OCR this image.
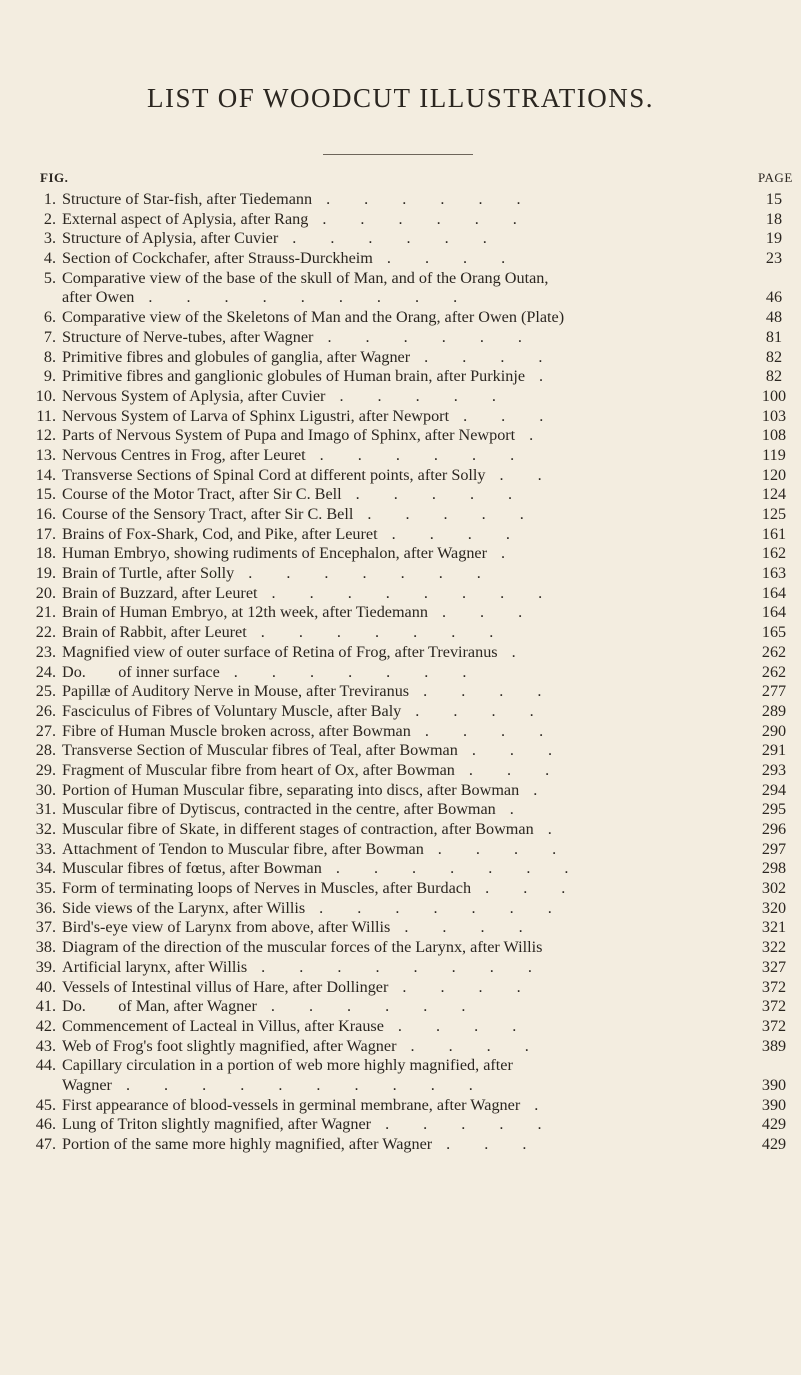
LIST OF WOODCUT ILLUSTRATIONS.
FIG.	PAGE
1. Structure of Star-fish, after Tiedemann . . . . . .	15
2. External aspect of Aplysia, after Rang . . . . . .	18
3. Structure of Aplysia, after Cuvier . . . . . .	19
4. Section of Cockchafer, after Strauss-Durckheim . . . .	23
5. Comparative view of the base of the skull of Man, and of the Orang Outan,
after Owen . . . . . . . . .	46
6. Comparative view of the Skeletons of Man and the Orang, after Owen (Plate)	48
7. Structure of Nerve-tubes, after Wagner . . . . . .	81
8. Primitive fibres and globules of ganglia, after Wagner . . . .	82
9. Primitive fibres and ganglionic globules of Human brain, after Purkinje .	82
10. Nervous System of Aplysia, after Cuvier . . . . .	100
11. Nervous System of Larva of Sphinx Ligustri, after Newport . . .	103
12. Parts of Nervous System of Pupa and Imago of Sphinx, after Newport .	108
13. Nervous Centres in Frog, after Leuret . . . . . .	119
14. Transverse Sections of Spinal Cord at different points, after Solly . .	120
15. Course of the Motor Tract, after Sir C. Bell . . . . .	124
16. Course of the Sensory Tract, after Sir C. Bell . . . . .	125
17. Brains of Fox-Shark, Cod, and Pike, after Leuret . . . .	161
18. Human Embryo, showing rudiments of Encephalon, after Wagner .	162
19. Brain of Turtle, after Solly . . . . . . .	163
20. Brain of Buzzard, after Leuret . . . . . . . .	164
21. Brain of Human Embryo, at 12th week, after Tiedemann . . .	164
22. Brain of Rabbit, after Leuret . . . . . . .	165
23. Magnified view of outer surface of Retina of Frog, after Treviranus .	262
24. Do.        of inner surface . . . . . . .	262
25. Papillæ of Auditory Nerve in Mouse, after Treviranus . . . .	277
26. Fasciculus of Fibres of Voluntary Muscle, after Baly . . . .	289
27. Fibre of Human Muscle broken across, after Bowman . . . .	290
28. Transverse Section of Muscular fibres of Teal, after Bowman . . .	291
29. Fragment of Muscular fibre from heart of Ox, after Bowman . . .	293
30. Portion of Human Muscular fibre, separating into discs, after Bowman .	294
31. Muscular fibre of Dytiscus, contracted in the centre, after Bowman .	295
32. Muscular fibre of Skate, in different stages of contraction, after Bowman .	296
33. Attachment of Tendon to Muscular fibre, after Bowman . . . .	297
34. Muscular fibres of fœtus, after Bowman . . . . . . .	298
35. Form of terminating loops of Nerves in Muscles, after Burdach . . .	302
36. Side views of the Larynx, after Willis . . . . . . .	320
37. Bird's-eye view of Larynx from above, after Willis . . . .	321
38. Diagram of the direction of the muscular forces of the Larynx, after Willis	322
39. Artificial larynx, after Willis . . . . . . . .	327
40. Vessels of Intestinal villus of Hare, after Dollinger . . . .	372
41. Do.        of Man, after Wagner . . . . . .	372
42. Commencement of Lacteal in Villus, after Krause . . . .	372
43. Web of Frog's foot slightly magnified, after Wagner . . . .	389
44. Capillary circulation in a portion of web more highly magnified, after
Wagner . . . . . . . . . .	390
45. First appearance of blood-vessels in germinal membrane, after Wagner .	390
46. Lung of Triton slightly magnified, after Wagner . . . . .	429
47. Portion of the same more highly magnified, after Wagner . . .	429
